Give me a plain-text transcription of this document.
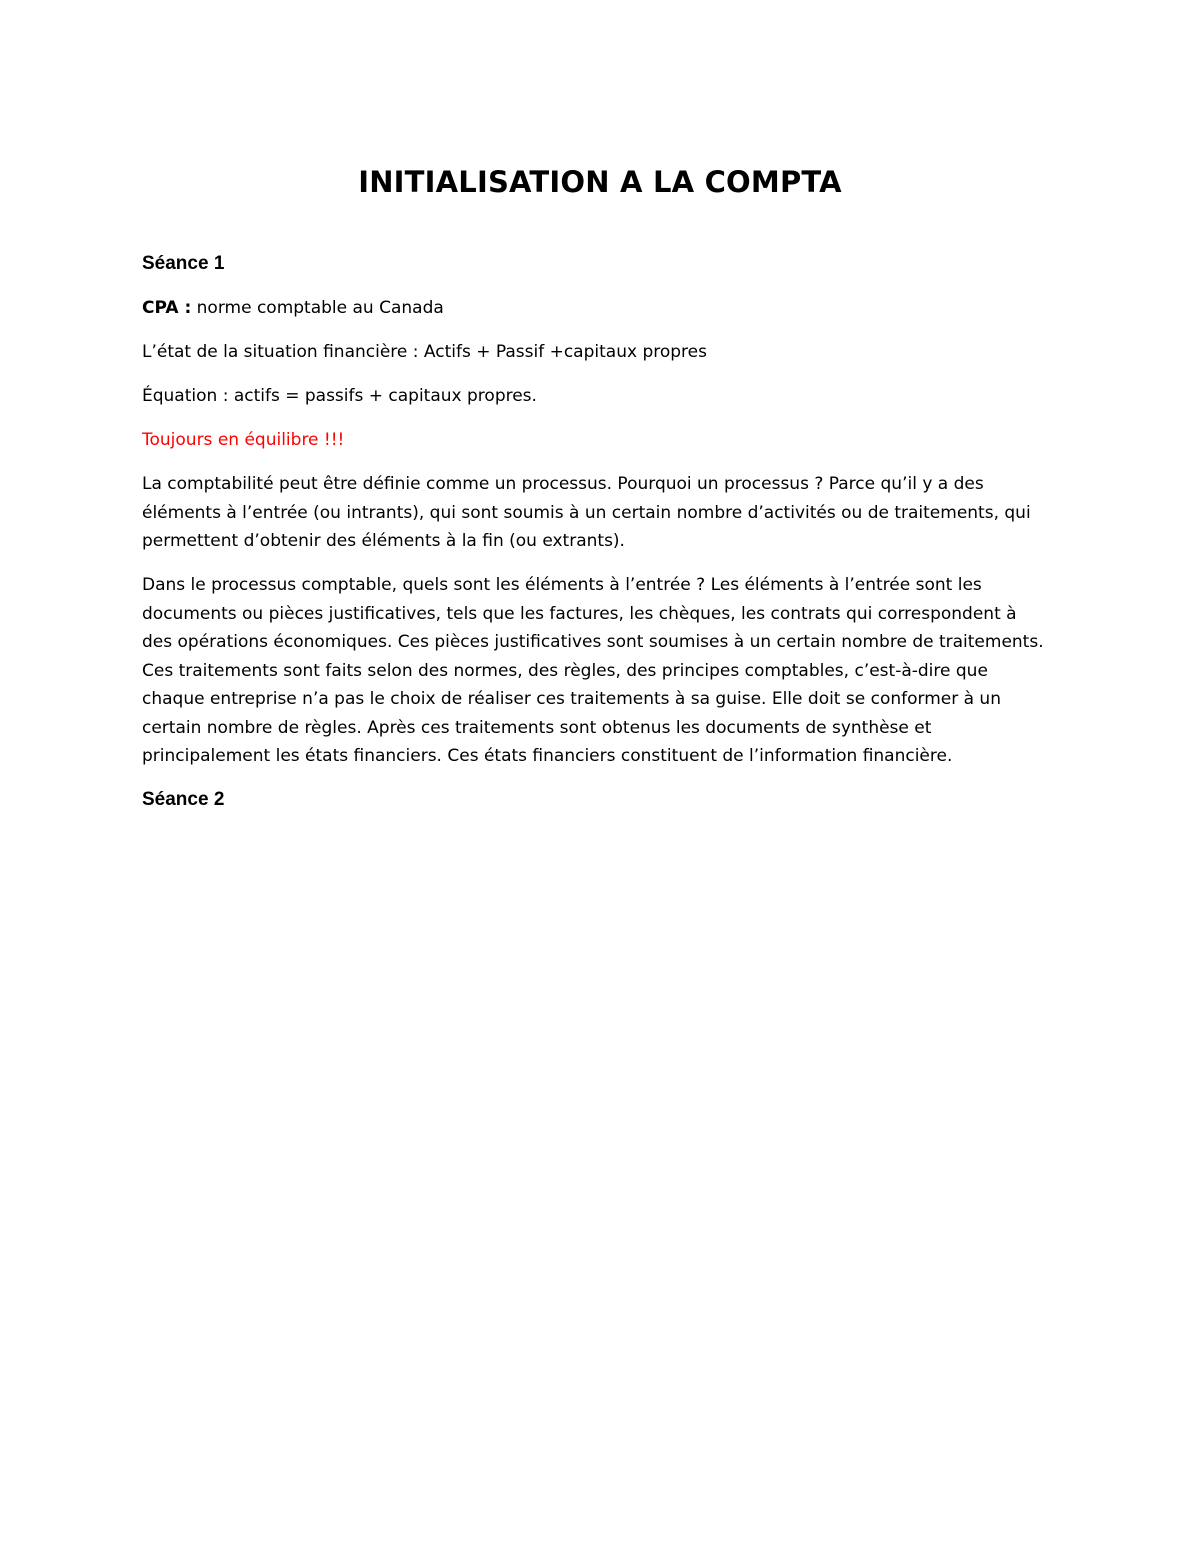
INITIALISATION A LA COMPTA
Séance 1
CPA : norme comptable au Canada
L’état de la situation financière : Actifs + Passif +capitaux propres
Équation : actifs = passifs + capitaux propres.
Toujours en équilibre !!!
La comptabilité peut être définie comme un processus. Pourquoi un processus ? Parce qu’il y a des
éléments à l’entrée (ou intrants), qui sont soumis à un certain nombre d’activités ou de traitements, qui
permettent d’obtenir des éléments à la fin (ou extrants).
Dans le processus comptable, quels sont les éléments à l’entrée ? Les éléments à l’entrée sont les
documents ou pièces justificatives, tels que les factures, les chèques, les contrats qui correspondent à
des opérations économiques. Ces pièces justificatives sont soumises à un certain nombre de traitements.
Ces traitements sont faits selon des normes, des règles, des principes comptables, c’est-à-dire que
chaque entreprise n’a pas le choix de réaliser ces traitements à sa guise. Elle doit se conformer à un
certain nombre de règles. Après ces traitements sont obtenus les documents de synthèse et
principalement les états financiers. Ces états financiers constituent de l’information financière.
Séance 2
